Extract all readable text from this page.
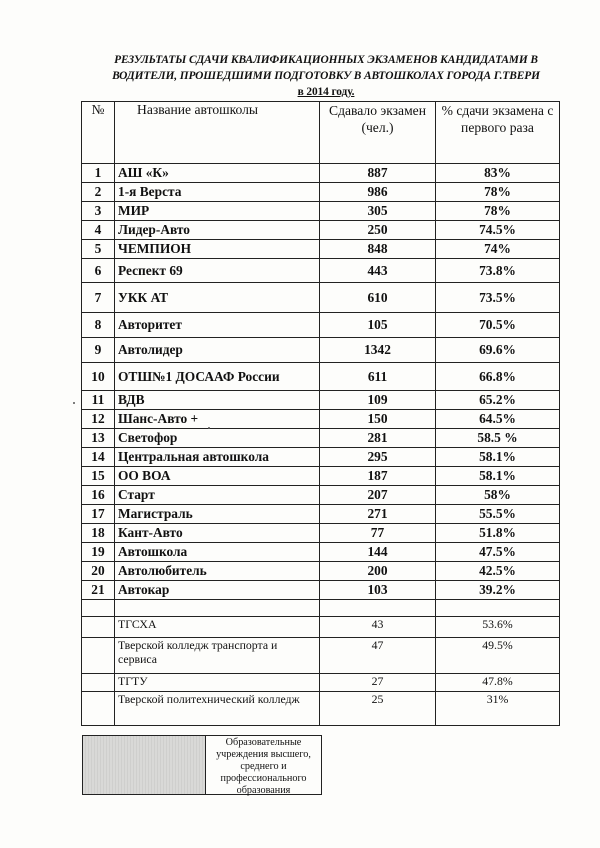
РЕЗУЛЬТАТЫ СДАЧИ КВАЛИФИКАЦИОННЫХ ЭКЗАМЕНОВ КАНДИДАТАМИ В
ВОДИТЕЛИ, ПРОШЕДШИМИ ПОДГОТОВКУ В АВТОШКОЛАХ ГОРОДА Г.ТВЕРИ
в 2014 году.
№	Название автошколы	Сдавало экзамен (чел.)	% сдачи экзамена с первого раза
1	АШ «К»	887	83%
2	1-я Верста	986	78%
3	МИР	305	78%
4	Лидер-Авто	250	74.5%
5	ЧЕМПИОН	848	74%
6	Респект 69	443	73.8%
7	УКК АТ	610	73.5%
8	Авторитет	105	70.5%
9	Автолидер	1342	69.6%
10	ОТШ№1 ДОСААФ России	611	66.8%
11	ВДВ	109	65.2%
12	Шанс-Авто +	150	64.5%
13	Светофор	281	58.5 %
14	Центральная автошкола	295	58.1%
15	ОО ВОА	187	58.1%
16	Старт	207	58%
17	Магистраль	271	55.5%
18	Кант-Авто	77	51.8%
19	Автошкола	144	47.5%
20	Автолюбитель	200	42.5%
21	Автокар	103	39.2%

	ТГСХА	43	53.6%
	Тверской колледж транспорта и сервиса	47	49.5%
	ТГТУ	27	47.8%
	Тверской политехнический колледж	25	31%
Образовательные учреждения высшего, среднего и профессионального образования
